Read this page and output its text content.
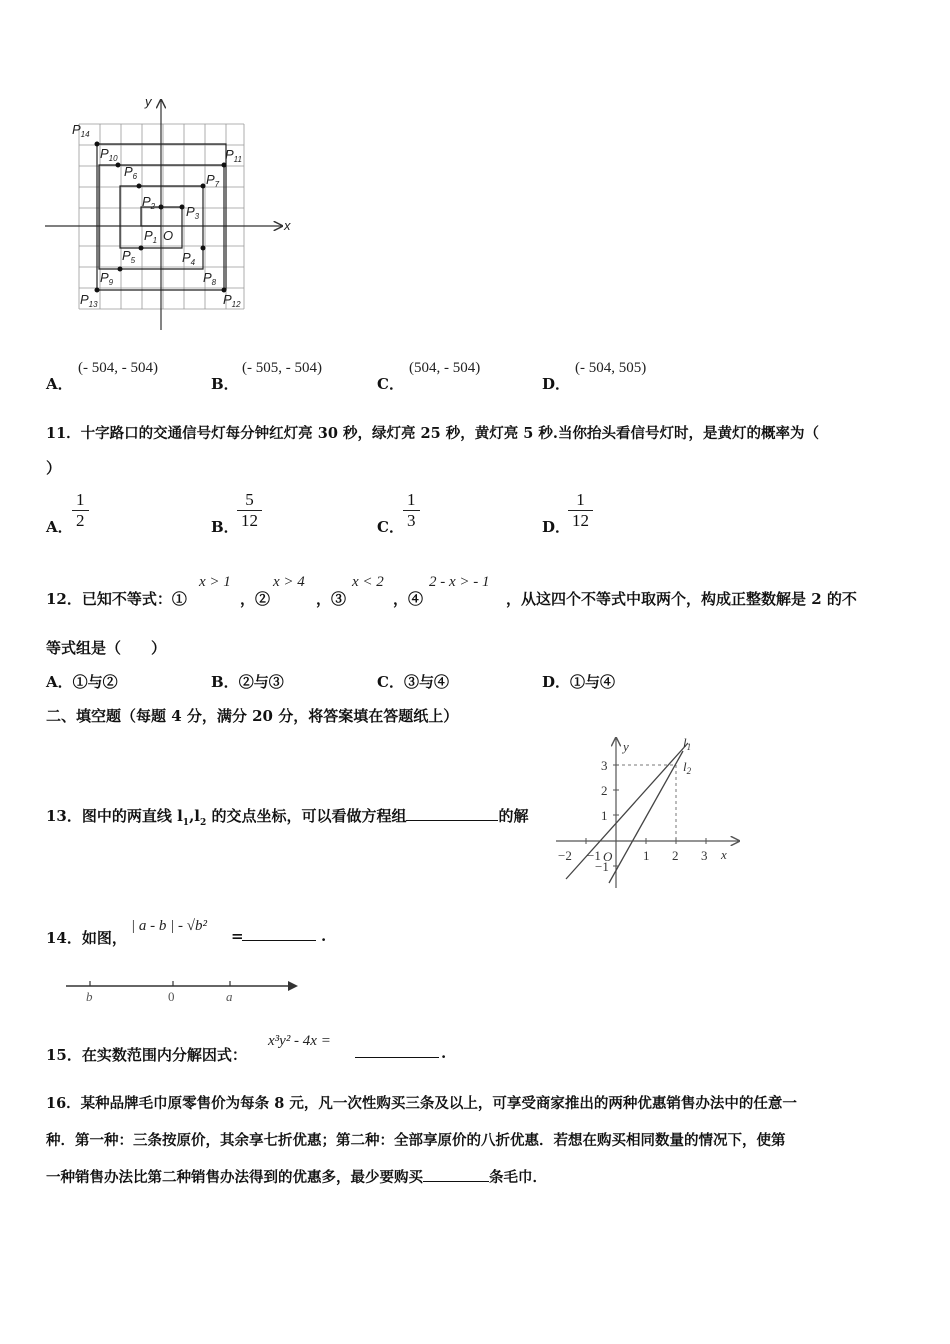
x
y
O
$P_{14}$
$P_{10}$	$P_{11}$
$P_6$	$P_7$
$P_2$ $P_3$
$P_1$
$P_4$
$P_5$
$P_9$	$P_8$
$P_{13}$	$P_{12}$
A．
(- 504, - 504)
B．
(- 505, - 504)
C．
(504, - 504)
D．
(- 504, 505)
11．十字路口的交通信号灯每分钟红灯亮 30 秒，绿灯亮 25 秒，黄灯亮 5 秒.当你抬头看信号灯时，是黄灯的概率为（
）
A． $\frac{1}{2}$	B．
$\frac{5}{12}$	C． $\frac{1}{3}$	D．
$\frac{1}{12}$
12．已知不等式：①
x > 1
，②
x > 4
，③
x < 2
，④
2 - x > - 1
，从这四个不等式中取两个，构成正整数解是 2 的不
等式组是（　　）
A．①与②	B．②与③	C．③与④	D．①与④
二、填空题（每题 4 分，满分 20 分，将答案填在答题纸上）
13．图中的两直线 $l_1,l_2$ 的交点坐标，可以看做方程组	的解
y
x
O
$l_1$
$l_2$
−2 −1	1 2 3
3
2
1
−1
14．如图，
| a - b | - √b²
=	.
b	0	a
15．在实数范围内分解因式：
x³y² - 4x =
.
16．某种品牌毛巾原零售价为每条 8 元，凡一次性购买三条及以上，可享受商家推出的两种优惠销售办法中的任意一
种．第一种：三条按原价，其余享七折优惠；第二种：全部享原价的八折优惠．若想在购买相同数量的情况下，使第
一种销售办法比第二种销售办法得到的优惠多，最少要购买	条毛巾．
